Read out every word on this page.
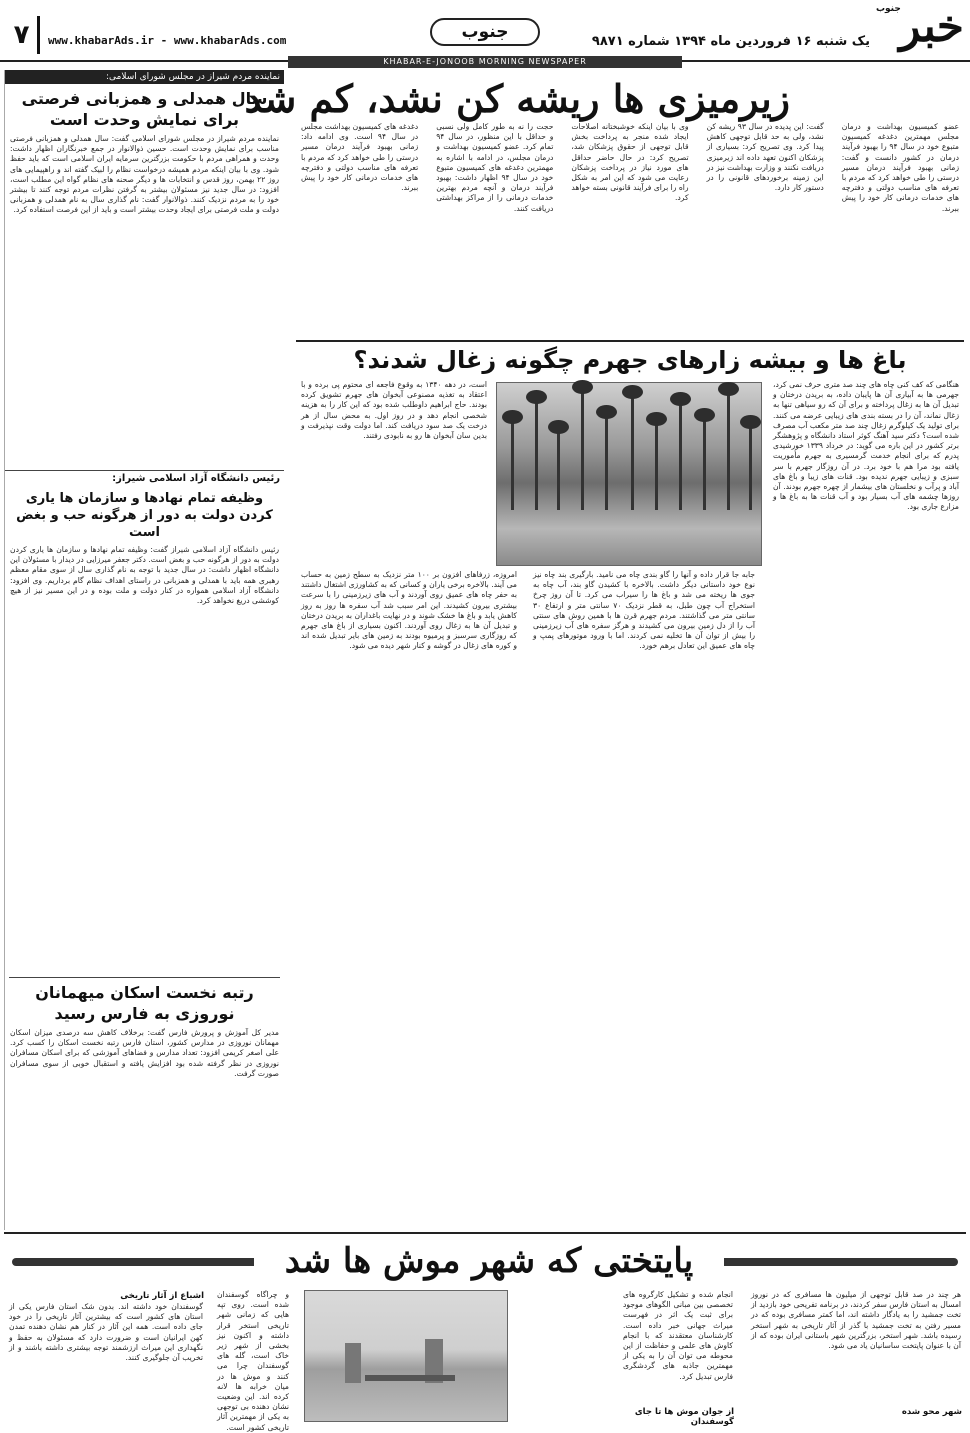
خبر
جنوب
یک شنبه ۱۶ فروردین ماه ۱۳۹۴ شماره ۹۸۷۱
جنوب
www.khabarAds.ir - www.khabarAds.com
۷
KHABAR-E-JONOOB MORNING NEWSPAPER
نماینده مردم شیراز در مجلس شورای اسلامی:
سال همدلی و همزبانی فرصتی برای نمایش وحدت است
نماینده مردم شیراز در مجلس شورای اسلامی گفت: سال همدلی و همزبانی فرصتی مناسب برای نمایش وحدت است. حسین ذوالانوار در جمع خبرنگاران اظهار داشت: وحدت و همراهی مردم با حکومت بزرگترین سرمایه ایران اسلامی است که باید حفظ شود. وی با بیان اینکه مردم همیشه درخواست نظام را لبیک گفته اند و راهپیمایی های روز ۲۲ بهمن، روز قدس و انتخابات ها و دیگر صحنه های نظام گواه این مطلب است، افزود: در سال جدید نیز مسئولان بیشتر به گرفتن نظرات مردم توجه کنند تا بیشتر خود را به مردم نزدیک کنند. ذوالانوار گفت: نام گذاری سال به نام همدلی و همزبانی دولت و ملت فرصتی برای ایجاد وحدت بیشتر است و باید از این فرصت استفاده کرد.
رئیس دانشگاه آزاد اسلامی شیراز:
وظیفه تمام نهادها و سازمان ها یاری کردن دولت به دور از هرگونه حب و بغض است
رئیس دانشگاه آزاد اسلامی شیراز گفت: وظیفه تمام نهادها و سازمان ها یاری کردن دولت به دور از هرگونه حب و بغض است. دکتر جعفر میرزایی در دیدار با مسئولان این دانشگاه اظهار داشت: در سال جدید با توجه به نام گذاری سال از سوی مقام معظم رهبری همه باید با همدلی و همزبانی در راستای اهداف نظام گام برداریم. وی افزود: دانشگاه آزاد اسلامی همواره در کنار دولت و ملت بوده و در این مسیر نیز از هیچ کوششی دریغ نخواهد کرد.
رتبه نخست اسکان میهمانان نوروزی به فارس رسید
مدیر کل آموزش و پرورش فارس گفت: برخلاف کاهش سه درصدی میزان اسکان مهمانان نوروزی در مدارس کشور، استان فارس رتبه نخست اسکان را کسب کرد. علی اصغر کریمی افزود: تعداد مدارس و فضاهای آموزشی که برای اسکان مسافران نوروزی در نظر گرفته شده بود افزایش یافته و استقبال خوبی از سوی مسافران صورت گرفت.
زیرمیزی ها ریشه کن نشد، کم شد
عضو کمیسیون بهداشت و درمان مجلس مهمترین دغدغه کمیسیون متبوع خود در سال ۹۴ را بهبود فرآیند درمان در کشور دانست و گفت: زمانی بهبود فرآیند درمان مسیر درستی را طی خواهد کرد که مردم با تعرفه های مناسب دولتی و دفترچه های خدمات درمانی کار خود را پیش ببرند.
گفت: این پدیده در سال ۹۳ ریشه کن نشد، ولی به حد قابل توجهی کاهش پیدا کرد. وی تصریح کرد: بسیاری از پزشکان اکنون تعهد داده اند زیرمیزی دریافت نکنند و وزارت بهداشت نیز در این زمینه برخوردهای قانونی را در دستور کار دارد.
وی با بیان اینکه خوشبختانه اصلاحات ایجاد شده منجر به پرداخت بخش قابل توجهی از حقوق پزشکان شد، تصریح کرد: در حال حاضر حداقل های مورد نیاز در پرداخت پزشکان رعایت می شود که این امر به شکل راه را برای فرآیند قانونی بسته خواهد کرد.
حجت را نه به طور کامل ولی نسبی و حداقل با این منظور، در سال ۹۴ تمام کرد. عضو کمیسیون بهداشت و درمان مجلس، در ادامه با اشاره به مهمترین دغدغه های کمیسیون متبوع خود در سال ۹۴ اظهار داشت: بهبود فرآیند درمان و آنچه مردم بهترین خدمات درمانی را از مراکز بهداشتی دریافت کنند.
دغدغه های کمیسیون بهداشت مجلس در سال ۹۴ است. وی ادامه داد: زمانی بهبود فرآیند درمان مسیر درستی را طی خواهد کرد که مردم با تعرفه های مناسب دولتی و دفترچه های خدمات درمانی کار خود را پیش ببرند.
باغ ها و بیشه زارهای جهرم چگونه زغال شدند؟
هنگامی که کف کنی چاه های چند صد متری حرف نمی کرد، جهرمی ها به آبیاری آن ها پایبان داده، به بریدن درختان و تبدیل آن ها به زغال پرداخته و برای آن که رو سیاهی تنها به زغال نماند، آن را در بسته بندی های زیبایی عرضه می کنند. برای تولید یک کیلوگرم زغال چند صد متر مکعب آب مصرف شده است؟ دکتر سید آهنگ کوثر استاد دانشگاه و پژوهشگر برتر کشور در این باره می گوید: در خرداد ۱۳۳۹ خورشیدی پدرم که برای انجام خدمت گرمسیری به جهرم مأموریت یافته بود مرا هم با خود برد. در آن روزگار جهرم با سر سبزی و زیبایی جهرم ندیده بود. قنات های زیبا و باغ های آباد و پرآب و نخلستان های بیشمار از چهره جهرم بودند. آن روزها چشمه های آب بسیار بود و آب قنات ها به باغ ها و مزارع جاری بود.
است، در دهه ۱۳۴۰ به وقوع فاجعه ای محتوم پی برده و با اعتقاد به تغذیه مصنوعی آبخوان های جهرم تشویق کرده بودند. حاج ابراهیم داوطلب شده بود که این کار را به هزینه شخصی انجام دهد و در روز اول. به محض سال از هر درخت یک صد سود دریافت کند. اما دولت وقت نپذیرفت و بدین سان آبخوان ها رو به نابودی رفتند.
امروزه، زرفاهای افزون بر ۱۰۰ متر نزدیک به سطح زمین به حساب می آیند. بالاخره برخی یاران و کسانی که به کشاورزی اشتغال داشتند به حفر چاه های عمیق روی آوردند و آب های زیرزمینی را با سرعت بیشتری بیرون کشیدند. این امر سبب شد آب سفره ها روز به روز کاهش یابد و باغ ها خشک شوند و در نهایت باغداران به بریدن درختان و تبدیل آن ها به زغال روی آوردند. اکنون بسیاری از باغ های جهرم که روزگاری سرسبز و پرمیوه بودند به زمین های بایر تبدیل شده اند و کوره های زغال در گوشه و کنار شهر دیده می شود.
جابه جا قرار داده و آنها را گاو بندی چاه می نامید. بارگیری بند چاه نیز نوع خود داستانی دیگر داشت. بالاخره با کشیدن گاو بند، آب چاه به جوی ها ریخته می شد و باغ ها را سیراب می کرد. تا آن روز چرخ استخراج آب چون طبل، به قطر نزدیک ۷۰ سانتی متر و ارتفاع ۳۰ سانتی متر می گذاشتند. مردم جهرم قرن ها با همین روش های سنتی آب را از دل زمین بیرون می کشیدند و هرگز سفره های آب زیرزمینی را بیش از توان آن ها تخلیه نمی کردند. اما با ورود موتورهای پمپ و چاه های عمیق این تعادل برهم خورد.
پایتختی که شهر موش ها شد
هر چند در صد قابل توجهی از میلیون ها مسافری که در نوروز امسال به استان فارس سفر کردند، در برنامه تفریحی خود بازدید از تخت جمشید را به یادگار داشته اند، اما کمتر مسافری بوده که در مسیر رفتن به تخت جمشید با گذر از آثار تاریخی به شهر استخر رسیده باشد. شهر استخر، بزرگترین شهر باستانی ایران بوده که از آن با عنوان پایتخت ساسانیان یاد می شود.
شهر محو شده
انجام شده و تشکیل کارگروه های تخصصی بین مبانی الگوهای موجود برای ثبت یک اثر در فهرست میراث جهانی خبر داده است. کارشناسان معتقدند که با انجام کاوش های علمی و حفاظت از این محوطه می توان آن را به یکی از مهمترین جاذبه های گردشگری فارس تبدیل کرد.
از جوان موش ها تا جای گوسفندان
و چراگاه گوسفندان شده است. روی تپه هایی که زمانی شهر تاریخی استخر قرار داشته و اکنون نیز بخشی از شهر زیر خاک است، گله های گوسفندان چرا می کنند و موش ها در میان خرابه ها لانه کرده اند. این وضعیت نشان دهنده بی توجهی به یکی از مهمترین آثار تاریخی کشور است.
اشباع از آثار تاریخی
گوسفندان خود داشته اند. بدون شک استان فارس یکی از استان های کشور است که بیشترین آثار تاریخی را در خود جای داده است. همه این آثار در کنار هم نشان دهنده تمدن کهن ایرانیان است و ضرورت دارد که مسئولان به حفظ و نگهداری این میراث ارزشمند توجه بیشتری داشته باشند و از تخریب آن جلوگیری کنند.
